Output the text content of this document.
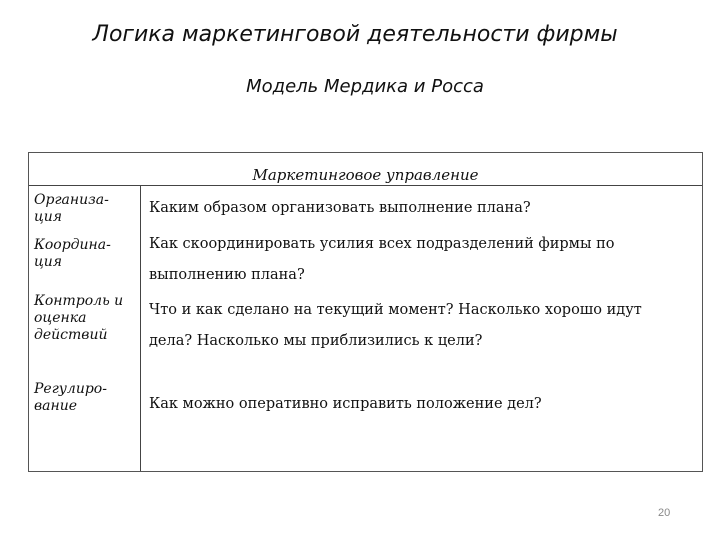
Логика маркетинговой деятельности фирмы
Модель Мердика и Росса
Маркетинговое управление
Организа-
ция
Каким образом организовать выполнение плана?
Координа-
ция
Как скоординировать усилия всех подразделений фирмы по
выполнению плана?
Контроль и
оценка
действий
Что и как сделано на текущий момент? Насколько хорошо идут
дела? Насколько мы приблизились к цели?
Регулиро-
вание	Как можно оперативно исправить положение дел?
20
